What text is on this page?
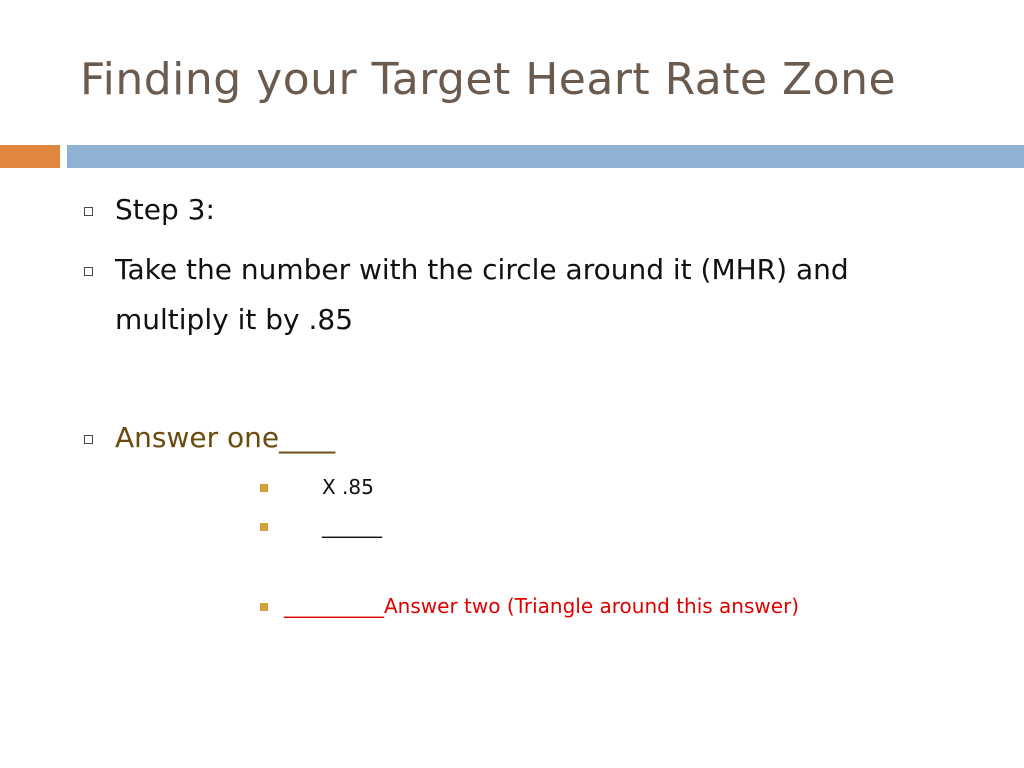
Finding your Target Heart Rate Zone
Step 3:
Take the number with the circle around it (MHR) and
multiply it by .85
Answer one____
X .85
______
__________Answer two (Triangle around this answer)
